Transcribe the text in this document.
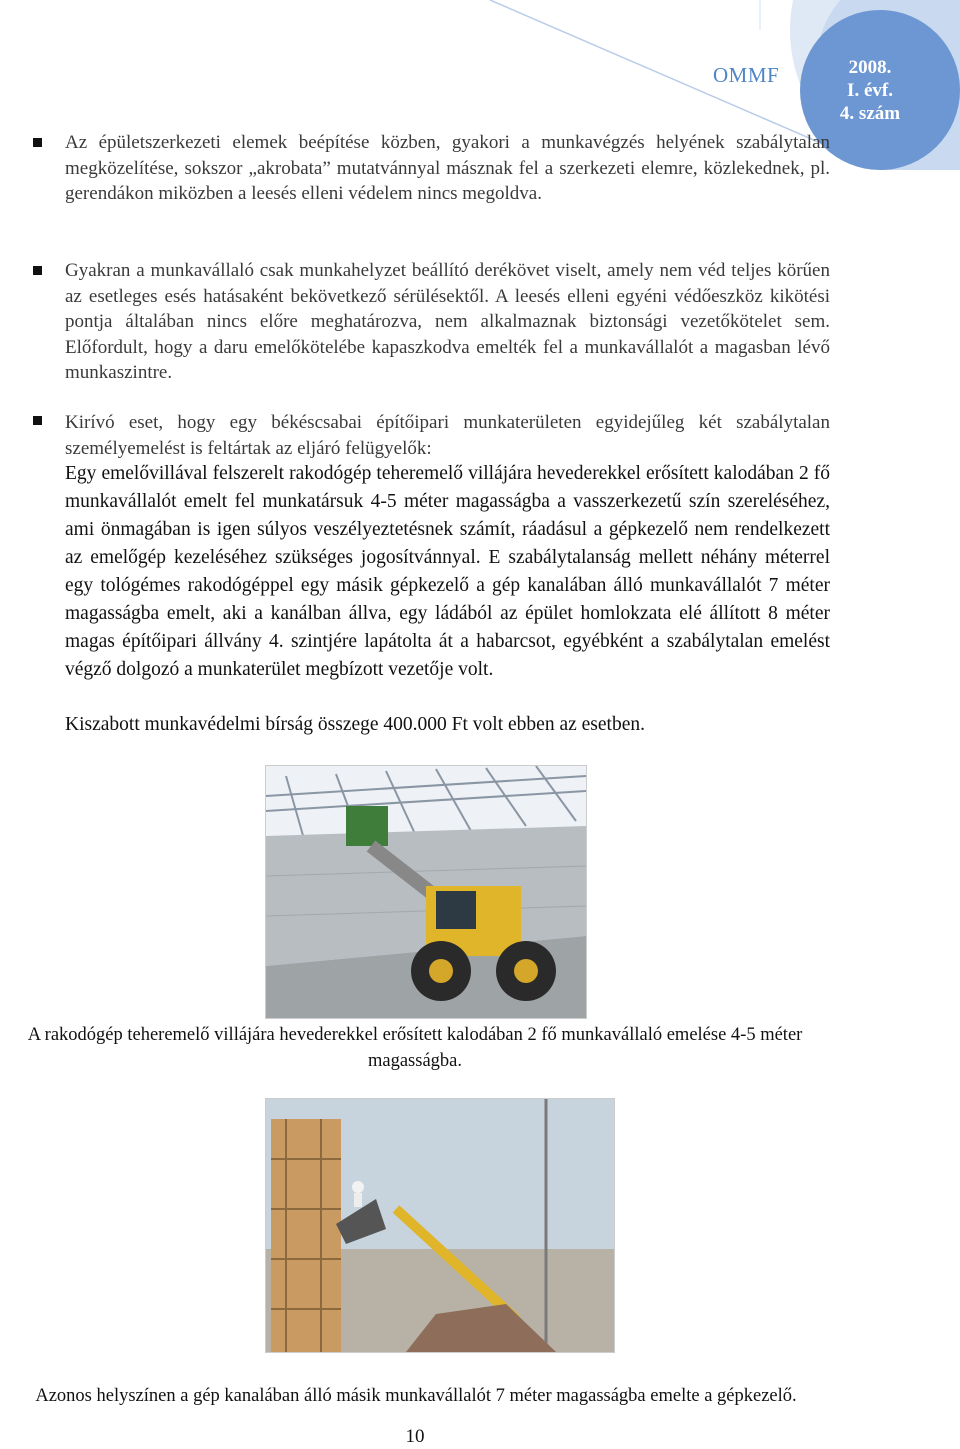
OMMF	2008.
I. évf.
4. szám
Az épületszerkezeti elemek beépítése közben, gyakori a munkavégzés helyének szabálytalan megközelítése, sokszor „akrobata” mutatvánnyal másznak fel a szerkezeti elemre, közlekednek, pl. gerendákon miközben a leesés elleni védelem nincs megoldva.
Gyakran a munkavállaló csak munkahelyzet beállító derékövet viselt, amely nem véd teljes körűen az esetleges esés hatásaként bekövetkező sérülésektől. A leesés elleni egyéni védőeszköz kikötési pontja általában nincs előre meghatározva, nem alkalmaznak biztonsági vezetőkötelet sem. Előfordult, hogy a daru emelőkötelébe kapaszkodva emelték fel a munkavállalót a magasban lévő munkaszintre.
Kirívó eset, hogy egy békéscsabai építőipari munkaterületen egyidejűleg két szabálytalan személyemelést is feltártak az eljáró felügyelők:
Egy emelővillával felszerelt rakodógép teheremelő villájára hevederekkel erősített kalodában 2 fő munkavállalót emelt fel munkatársuk 4-5 méter magasságba a vasszerkezetű szín szereléséhez, ami önmagában is igen súlyos veszélyeztetésnek számít, ráadásul a gépkezelő nem rendelkezett az emelőgép kezeléséhez szükséges jogosítvánnyal. E szabálytalanság mellett néhány méterrel egy tológémes rakodógéppel egy másik gépkezelő a gép kanalában álló munkavállalót 7 méter magasságba emelt, aki a kanálban állva, egy ládából az épület homlokzata elé állított 8 méter magas építőipari állvány 4. szintjére lapátolta át a habarcsot, egyébként a szabálytalan emelést végző dolgozó a munkaterület megbízott vezetője volt.
Kiszabott munkavédelmi bírság összege 400.000 Ft volt ebben az esetben.
A rakodógép teheremelő villájára hevederekkel erősített kalodában 2 fő munkavállaló emelése 4-5 méter magasságba.
Azonos helyszínen a gép kanalában álló másik munkavállalót 7 méter magasságba emelte a gépkezelő.
10
